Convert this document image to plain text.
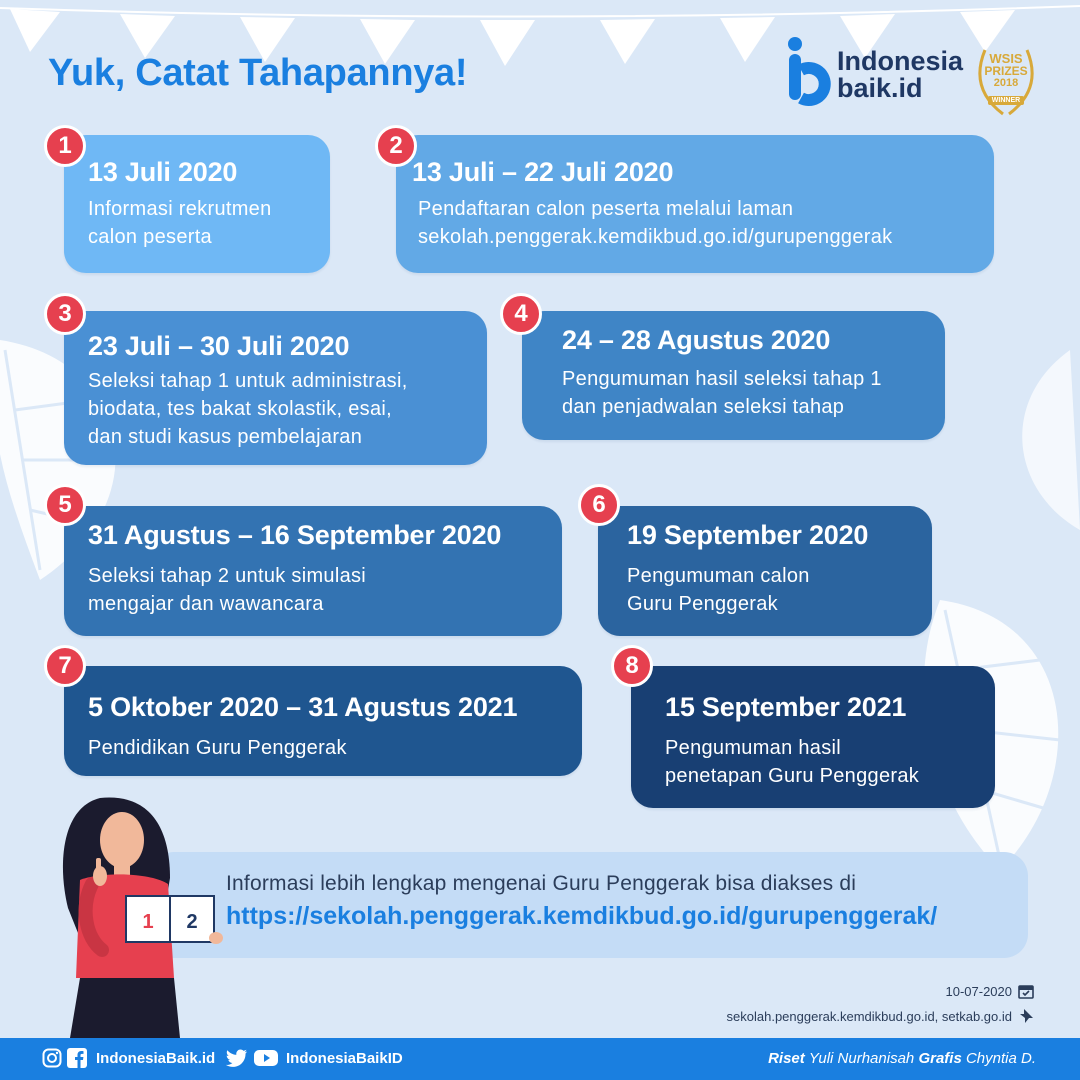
Yuk, Catat Tahapannya!	Indonesia
baik.id
WSIS
PRIZES
2018
WINNER
13 Juli 2020
Informasi rekrutmen
calon peserta
1
13 Juli – 22 Juli 2020
Pendaftaran calon peserta melalui laman
sekolah.penggerak.kemdikbud.go.id/gurupenggerak
2
23 Juli – 30 Juli 2020
Seleksi tahap 1 untuk administrasi,
biodata, tes bakat skolastik, esai,
dan studi kasus pembelajaran
3
24 – 28 Agustus 2020
Pengumuman hasil seleksi tahap 1
dan penjadwalan seleksi tahap
4
31 Agustus – 16 September 2020
Seleksi tahap 2 untuk simulasi
mengajar dan wawancara
5
19 September 2020
Pengumuman calon
Guru Penggerak
6
5 Oktober 2020 – 31 Agustus 2021
Pendidikan Guru Penggerak
7
15 September 2021
Pengumuman hasil
penetapan Guru Penggerak
8
Informasi lebih lengkap mengenai Guru Penggerak bisa diakses di
https://sekolah.penggerak.kemdikbud.go.id/gurupenggerak/
1 2
10-07-2020
sekolah.penggerak.kemdikbud.go.id, setkab.go.id
IndonesiaBaik.id	IndonesiaBaikID	Riset Yuli Nurhanisah Grafis Chyntia D.
